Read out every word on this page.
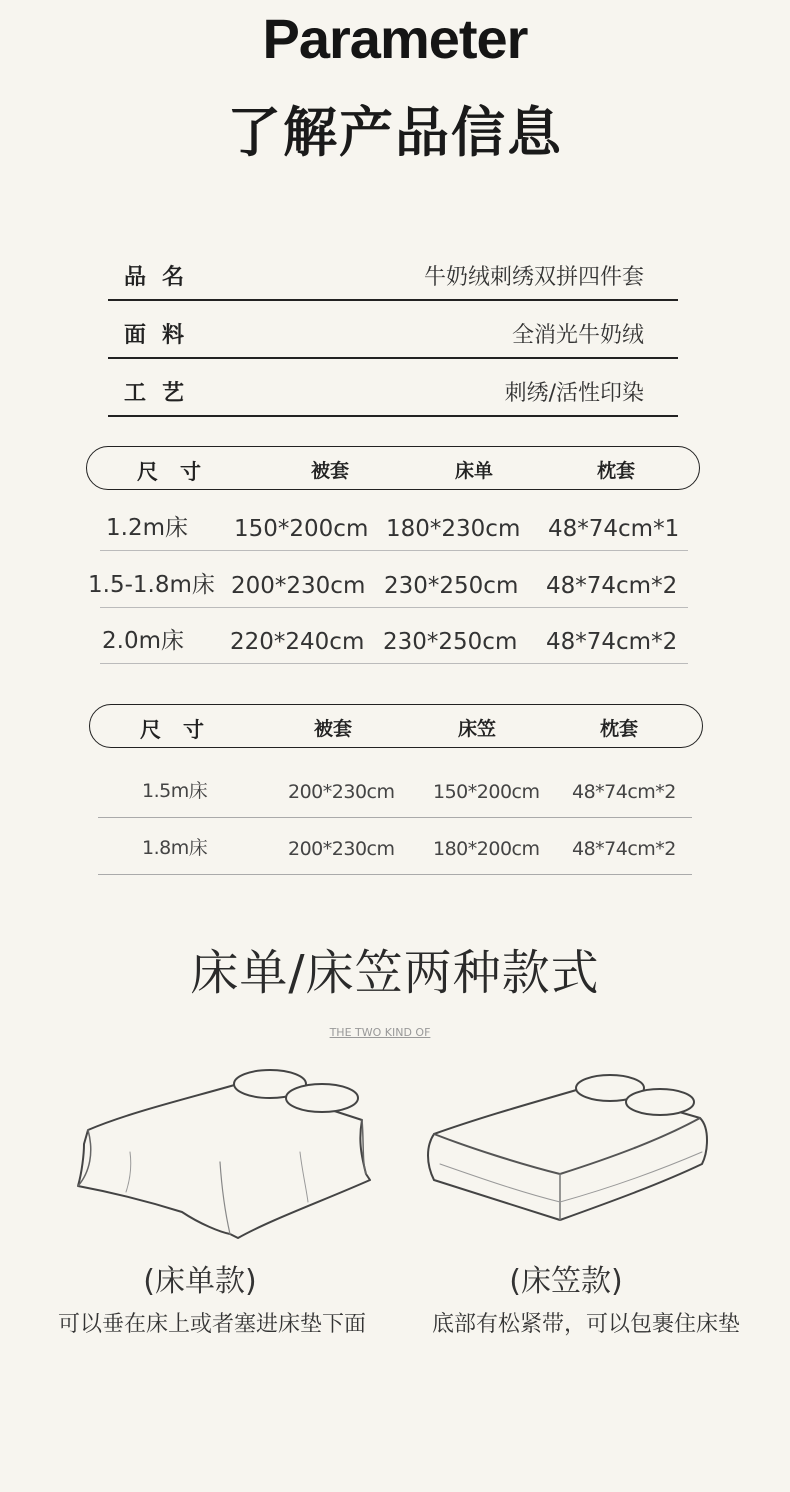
Parameter
了解产品信息
品名	牛奶绒刺绣双拼四件套
面料	全消光牛奶绒
工艺	刺绣/活性印染
尺寸	被套	床单	枕套
1.2m床 150*200cm 180*230cm 48*74cm*1
1.5-1.8m床 200*230cm 230*250cm 48*74cm*2
2.0m床 220*240cm 230*250cm 48*74cm*2
尺寸	被套	床笠	枕套
1.5m床	200*230cm 150*200cm 48*74cm*2
1.8m床	200*230cm 180*200cm 48*74cm*2
床单/床笠两种款式
THE TWO KIND OF
(床单款)	(床笠款)
可以垂在床上或者塞进床垫下面	底部有松紧带，可以包裹住床垫
